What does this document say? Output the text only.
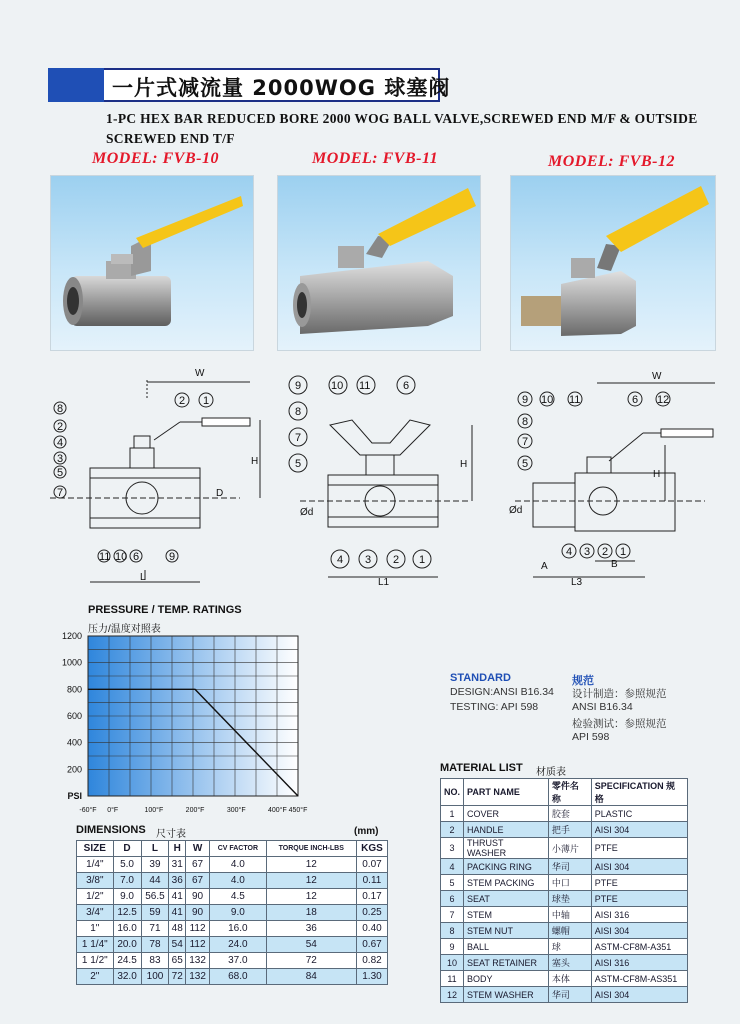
一片式减流量 2000WOG 球塞阀
1-PC HEX BAR REDUCED BORE 2000 WOG BALL VALVE,SCREWED END M/F & OUTSIDE
SCREWED END T/F
MODEL: FVB-10	MODEL: FVB-11	MODEL: FVB-12
8
2
4
3
5
7
2 1
11 10 6	9
W
H
D
L
9	10 11	6
8
7
5
4 3 2 1
H
Ød
L1
9 10 11	6 12
8
7
5
4 3 2 1
W
H
Ød
A	B
L3
PRESSURE / TEMP. RATINGS
压力/温度对照表
200
400
600
800
1000
1200
PSI
-60°F 0°F	100°F	200°F	300°F	400°F 450°F
DIMENSIONS 尺寸表	(mm)
SIZE	D	L	H	W	CV FACTOR	TORQUE INCH-LBS	KGS
1/4"	5.0	39	31	67	4.0	12	0.07
3/8"	7.0	44	36	67	4.0	12	0.11
1/2"	9.0	56.5	41	90	4.5	12	0.17
3/4"	12.5	59	41	90	9.0	18	0.25
1"	16.0	71	48	112	16.0	36	0.40
1 1/4"	20.0	78	54	112	24.0	54	0.67
1 1/2"	24.5	83	65	132	37.0	72	0.82
2"	32.0	100	72	132	68.0	84	1.30
STANDARD
DESIGN:ANSI B16.34
TESTING: API 598
规范
设计制造：参照规范
ANSI B16.34
检验测试：参照规范
API 598
MATERIAL LIST 材质表
NO.	PART NAME	零件名称	SPECIFICATION 规格
1	COVER	胶套	PLASTIC
2	HANDLE	把手	AISI 304
3	THRUST WASHER	小薄片	PTFE
4	PACKING RING	华司	AISI 304
5	STEM PACKING	中口	PTFE
6	SEAT	球垫	PTFE
7	STEM	中轴	AISI 316
8	STEM NUT	螺帽	AISI 304
9	BALL	球	ASTM-CF8M-A351
10	SEAT RETAINER	塞头	AISI 316
11	BODY	本体	ASTM-CF8M-AS351
12	STEM WASHER	华司	AISI 304
